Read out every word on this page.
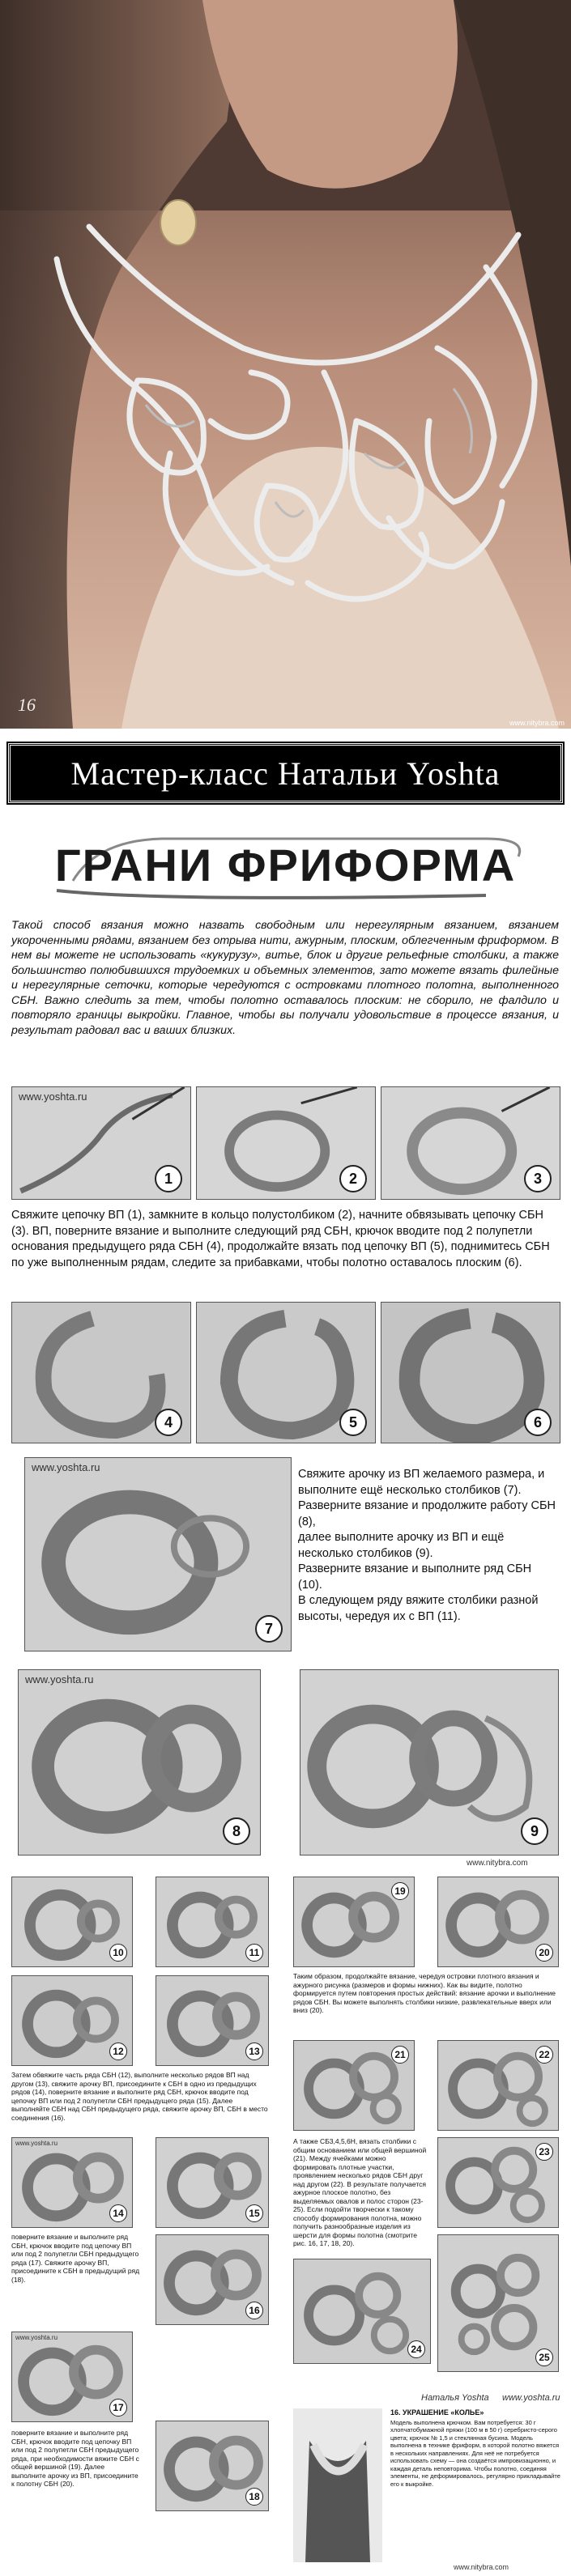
16
www.nitybra.com
Мастер-класс Натальи Yoshta
ГРАНИ ФРИФОРМА
Такой способ вязания можно назвать свободным или нерегулярным вязанием, вязанием укороченными рядами, вязанием без отрыва нити, ажурным, плоским, облегченным фриформом. В нем вы можете не использовать «кукурузу», витье, блок и другие рельефные столбики, а также большинство полюбившихся трудоемких и объемных элементов, зато можете вязать филейные и нерегулярные сеточки, которые чередуются с островками плотного полотна, выполненного СБН. Важно следить за тем, чтобы полотно оставалось плоским: не сборило, не фалдило и повторяло границы выкройки. Главное, чтобы вы получали удовольствие в процессе вязания, и результат радовал вас и ваших близких.
www.yoshta.ru
1	2	3
Свяжите цепочку ВП (1), замкните в кольцо полустолбиком (2), начните обвязывать цепочку СБН (3). ВП, поверните вязание и выполните следующий ряд СБН, крючок вводите под 2 полупетли основания предыдущего ряда СБН (4), продолжайте вязать под цепочку ВП (5), поднимитесь СБН по уже выполненным рядам, следите за прибавками, чтобы полотно оставалось плоским (6).
4	5	6
www.yoshta.ru
7
Свяжите арочку из ВП желаемого размера, и выполните ещё несколько столбиков (7).
Разверните вязание и продолжите работу СБН (8),
далее выполните арочку из ВП и ещё несколько столбиков (9).
Разверните вязание и выполните ряд СБН (10).
В следующем ряду вяжите столбики разной высоты, чередуя их с ВП (11).
www.yoshta.ru
8	9
www.nitybra.com
10	11
12	13
Затем обвяжите часть ряда СБН (12), выполните несколько рядов ВП над другом (13), свяжите арочку ВП, присоедините к СБН в одно из предыдущих рядов (14), поверните вязание и выполните ряд СБН, крючок вводите под цепочку ВП или под 2 полупетли СБН предыдущего ряда (15). Далее выполняйте СБН над СБН предыдущего ряда, свяжите арочку ВП, СБН в место соединения (16).
www.yoshta.ru
14	15
поверните вязание и выполните ряд СБН, крючок вводите под цепочку ВП или под 2 полупетли СБН предыдущего ряда (17). Свяжите арочку ВП, присоедините к СБН в предыдущий ряд (18).
16
www.yoshta.ru
17
поверните вязание и выполните ряд СБН, крючок вводите под цепочку ВП или под 2 полупетли СБН предыдущего ряда, при необходимости вяжите СБН с общей вершиной (19). Далее выполните арочку из ВП, присоедините к полотну СБН (20).
18
19
Таким образом, продолжайте вязание, чередуя островки плотного вязания и ажурного рисунка (размеров и формы нижних). Как вы видите, полотно формируется путем повторения простых действий: вязание арочки и выполнение рядов СБН. Вы можете выполнять столбики низкие, развлекательные вверх или вниз (20).
20
21	22
А также СБ3,4,5,6Н, вязать столбики с общим основанием или общей вершиной (21). Между ячейками можно формировать плотные участки, проявлением несколько рядов СБН друг над другом (22). В результате получается ажурное плоское полотно, без выделяемых овалов и полос сторон (23-25). Если подойти творчески к такому способу формирования полотна, можно получить разнообразные изделия из шерсти для формы полотна (смотрите рис. 16, 17, 18, 20).
23
24
25
Наталья Yoshta www.yoshta.ru
16. УКРАШЕНИЕ «КОЛЬЕ»
Модель выполнена крючком. Вам потребуется: 30 г хлопчатобумажной пряжи (100 м в 50 г) серебристо-серого цвета; крючок № 1,5 и стеклянная бусина. Модель выполнена в технике фриформ, в которой полотно вяжется в нескольких направлениях. Для неё не потребуется использовать схему — она создаётся импровизационно, и каждая деталь неповторима. Чтобы полотно, соединяя элементы, не деформировалось, регулярно прикладывайте его к выкройке.
www.nitybra.com
